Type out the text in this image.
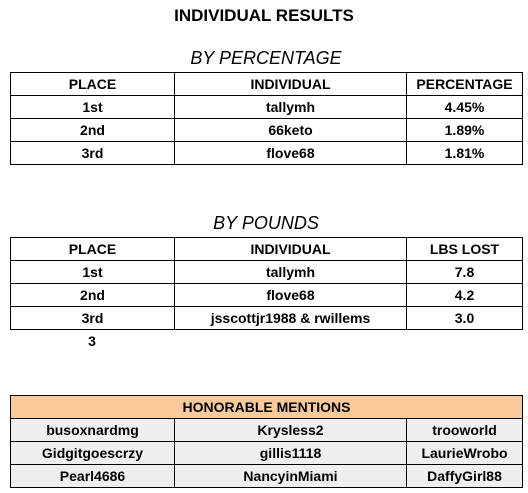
INDIVIDUAL RESULTS
BY PERCENTAGE
PLACE	INDIVIDUAL	PERCENTAGE
1st	tallymh	4.45%
2nd	66keto	1.89%
3rd	flove68	1.81%
BY POUNDS
PLACE	INDIVIDUAL	LBS LOST
1st	tallymh	7.8
2nd	flove68	4.2
3rd	jsscottjr1988 & rwillems	3.0
3
HONORABLE MENTIONS		
busoxnardmg	Krysless2	trooworld
Gidgitgoescrzy	gillis1118	LaurieWrobo
Pearl4686	NancyinMiami	DaffyGirl88
